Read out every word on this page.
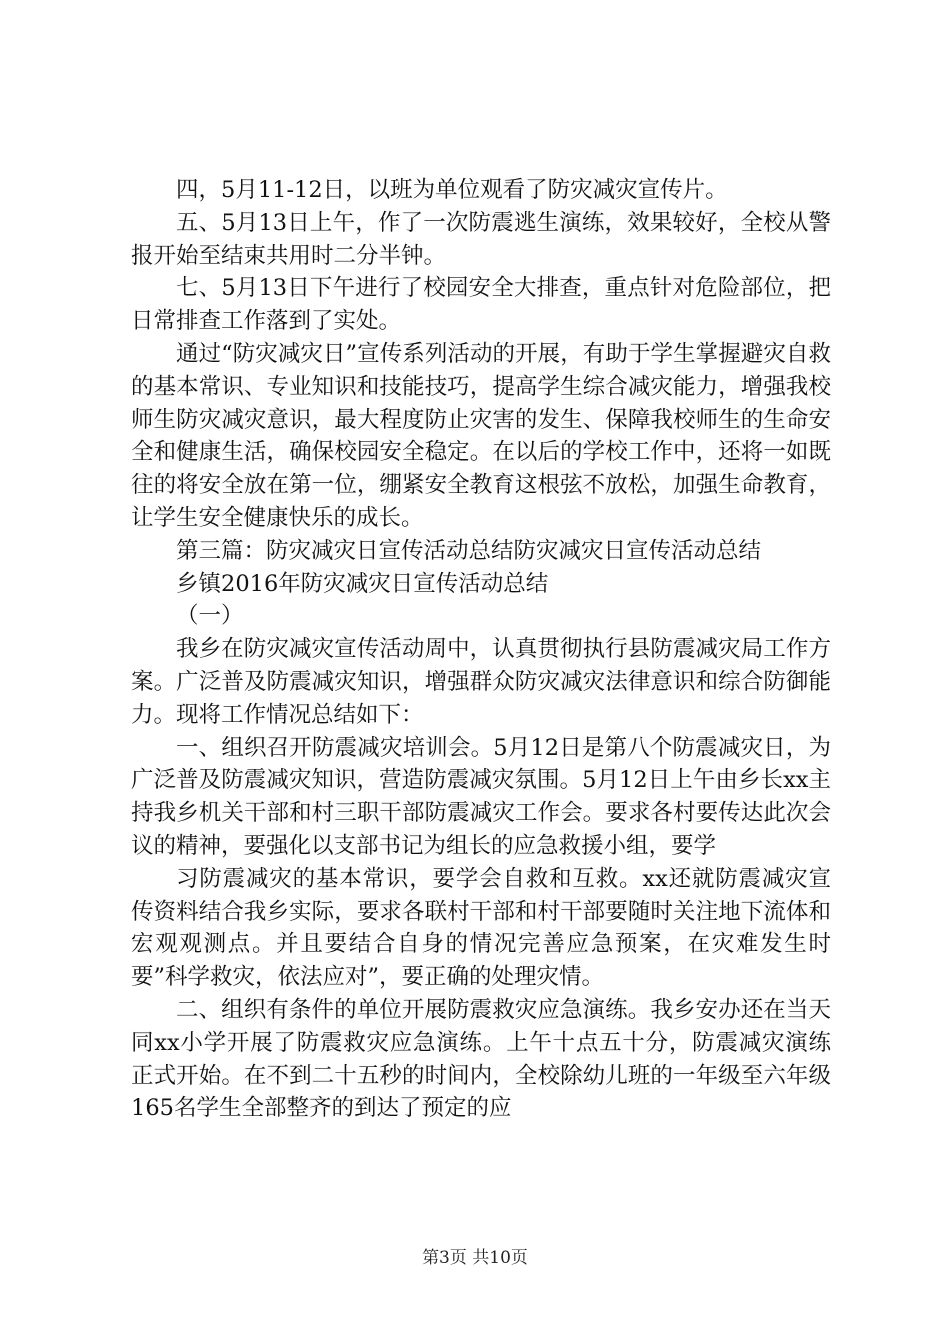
四，5月11-12日，以班为单位观看了防灾减灾宣传片。

五、5月13日上午，作了一次防震逃生演练，效果较好，全校从警报开始至结束共用时二分半钟。

七、5月13日下午进行了校园安全大排查，重点针对危险部位，把日常排查工作落到了实处。

通过“防灾减灾日”宣传系列活动的开展，有助于学生掌握避灾自救的基本常识、专业知识和技能技巧，提高学生综合减灾能力，增强我校师生防灾减灾意识，最大程度防止灾害的发生、保障我校师生的生命安全和健康生活，确保校园安全稳定。在以后的学校工作中，还将一如既往的将安全放在第一位，绷紧安全教育这根弦不放松，加强生命教育，让学生安全健康快乐的成长。

第三篇：防灾减灾日宣传活动总结防灾减灾日宣传活动总结

乡镇2016年防灾减灾日宣传活动总结

（一）

我乡在防灾减灾宣传活动周中，认真贯彻执行县防震减灾局工作方案。广泛普及防震减灾知识，增强群众防灾减灾法律意识和综合防御能力。现将工作情况总结如下：

一、组织召开防震减灾培训会。5月12日是第八个防震减灾日，为广泛普及防震减灾知识，营造防震减灾氛围。5月12日上午由乡长xx主持我乡机关干部和村三职干部防震减灾工作会。要求各村要传达此次会议的精神，要强化以支部书记为组长的应急救援小组，要学

习防震减灾的基本常识，要学会自救和互救。xx还就防震减灾宣传资料结合我乡实际，要求各联村干部和村干部要随时关注地下流体和宏观观测点。并且要结合自身的情况完善应急预案，在灾难发生时要”科学救灾，依法应对”，要正确的处理灾情。

二、组织有条件的单位开展防震救灾应急演练。我乡安办还在当天同xx小学开展了防震救灾应急演练。上午十点五十分，防震减灾演练正式开始。在不到二十五秒的时间内，全校除幼儿班的一年级至六年级165名学生全部整齐的到达了预定的应

第3页 共10页
